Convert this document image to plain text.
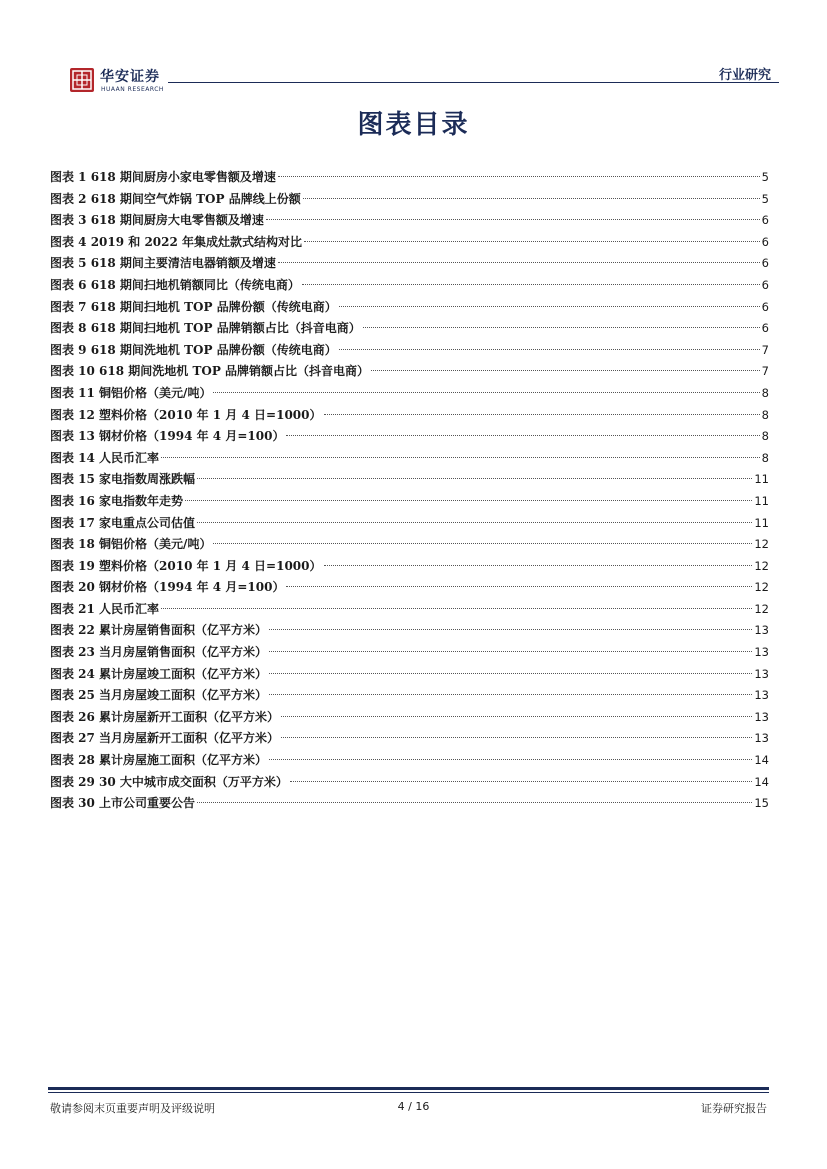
华安证券
HUAAN RESEARCH
行业研究
图表目录
图表 1 618 期间厨房小家电零售额及增速	5
图表 2 618 期间空气炸锅 TOP 品牌线上份额	5
图表 3 618 期间厨房大电零售额及增速	6
图表 4 2019 和 2022 年集成灶款式结构对比	6
图表 5 618 期间主要清洁电器销额及增速	6
图表 6 618 期间扫地机销额同比（传统电商）	6
图表 7 618 期间扫地机 TOP 品牌份额（传统电商）	6
图表 8 618 期间扫地机 TOP 品牌销额占比（抖音电商）	6
图表 9 618 期间洗地机 TOP 品牌份额（传统电商）	7
图表 10 618 期间洗地机 TOP 品牌销额占比（抖音电商）	7
图表 11 铜铝价格（美元/吨）	8
图表 12 塑料价格（2010 年 1 月 4 日=1000）	8
图表 13 钢材价格（1994 年 4 月=100）	8
图表 14 人民币汇率	8
图表 15 家电指数周涨跌幅	11
图表 16 家电指数年走势	11
图表 17 家电重点公司估值	11
图表 18 铜铝价格（美元/吨）	12
图表 19 塑料价格（2010 年 1 月 4 日=1000）	12
图表 20 钢材价格（1994 年 4 月=100）	12
图表 21 人民币汇率	12
图表 22 累计房屋销售面积（亿平方米）	13
图表 23 当月房屋销售面积（亿平方米）	13
图表 24 累计房屋竣工面积（亿平方米）	13
图表 25 当月房屋竣工面积（亿平方米）	13
图表 26 累计房屋新开工面积（亿平方米）	13
图表 27 当月房屋新开工面积（亿平方米）	13
图表 28 累计房屋施工面积（亿平方米）	14
图表 29 30 大中城市成交面积（万平方米）	14
图表 30 上市公司重要公告	15
敬请参阅末页重要声明及评级说明	4 / 16	证券研究报告
